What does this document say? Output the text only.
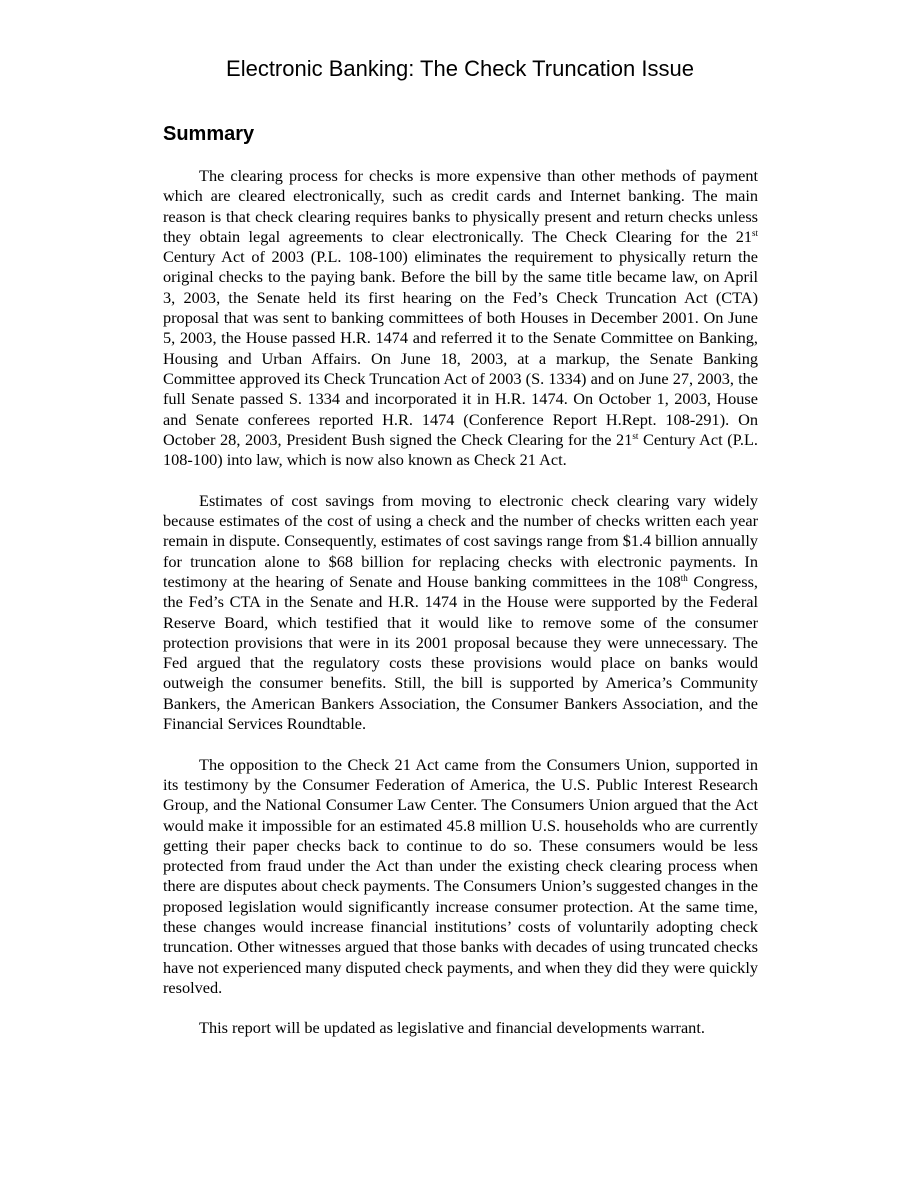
Electronic Banking: The Check Truncation Issue
Summary

The clearing process for checks is more expensive than other methods of payment which are cleared electronically, such as credit cards and Internet banking. The main reason is that check clearing requires banks to physically present and return checks unless they obtain legal agreements to clear electronically. The Check Clearing for the 21st Century Act of 2003 (P.L. 108-100) eliminates the requirement to physically return the original checks to the paying bank. Before the bill by the same title became law, on April 3, 2003, the Senate held its first hearing on the Fed’s Check Truncation Act (CTA) proposal that was sent to banking committees of both Houses in December 2001. On June 5, 2003, the House passed H.R. 1474 and referred it to the Senate Committee on Banking, Housing and Urban Affairs. On June 18, 2003, at a markup, the Senate Banking Committee approved its Check Truncation Act of 2003 (S. 1334) and on June 27, 2003, the full Senate passed S. 1334 and incorporated it in H.R. 1474. On October 1, 2003, House and Senate conferees reported H.R. 1474 (Conference Report H.Rept. 108-291). On October 28, 2003, President Bush signed the Check Clearing for the 21st Century Act (P.L. 108-100) into law, which is now also known as Check 21 Act.

Estimates of cost savings from moving to electronic check clearing vary widely because estimates of the cost of using a check and the number of checks written each year remain in dispute. Consequently, estimates of cost savings range from $1.4 billion annually for truncation alone to $68 billion for replacing checks with electronic payments. In testimony at the hearing of Senate and House banking committees in the 108th Congress, the Fed’s CTA in the Senate and H.R. 1474 in the House were supported by the Federal Reserve Board, which testified that it would like to remove some of the consumer protection provisions that were in its 2001 proposal because they were unnecessary. The Fed argued that the regulatory costs these provisions would place on banks would outweigh the consumer benefits. Still, the bill is supported by America’s Community Bankers, the American Bankers Association, the Consumer Bankers Association, and the Financial Services Roundtable.

The opposition to the Check 21 Act came from the Consumers Union, supported in its testimony by the Consumer Federation of America, the U.S. Public Interest Research Group, and the National Consumer Law Center. The Consumers Union argued that the Act would make it impossible for an estimated 45.8 million U.S. households who are currently getting their paper checks back to continue to do so. These consumers would be less protected from fraud under the Act than under the existing check clearing process when there are disputes about check payments. The Consumers Union’s suggested changes in the proposed legislation would significantly increase consumer protection. At the same time, these changes would increase financial institutions’ costs of voluntarily adopting check truncation. Other witnesses argued that those banks with decades of using truncated checks have not experienced many disputed check payments, and when they did they were quickly resolved.

This report will be updated as legislative and financial developments warrant.
